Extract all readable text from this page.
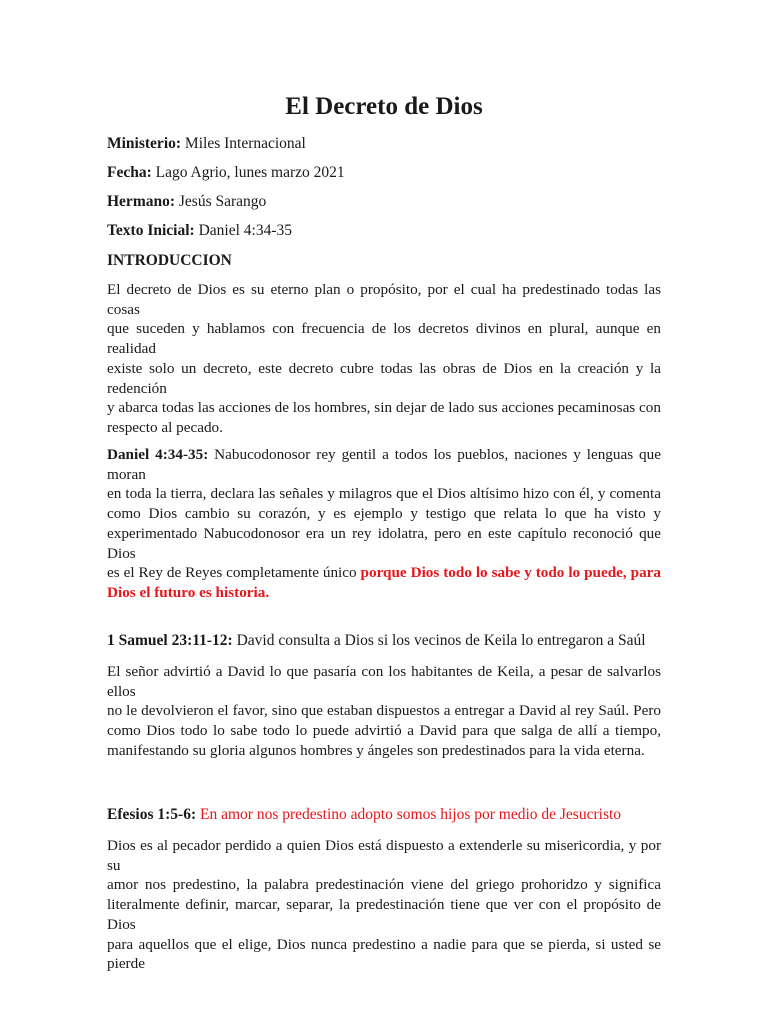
El Decreto de Dios

Ministerio: Miles Internacional

Fecha: Lago Agrio, lunes marzo 2021

Hermano: Jesús Sarango

Texto Inicial: Daniel 4:34-35

INTRODUCCION

El decreto de Dios es su eterno plan o propósito, por el cual ha predestinado todas las cosas
que suceden y hablamos con frecuencia de los decretos divinos en plural, aunque en realidad
existe solo un decreto, este decreto cubre todas las obras de Dios en la creación y la redención
y abarca todas las acciones de los hombres, sin dejar de lado sus acciones pecaminosas con
respecto al pecado.
Daniel 4:34-35: Nabucodonosor rey gentil a todos los pueblos, naciones y lenguas que moran
en toda la tierra, declara las señales y milagros que el Dios altísimo hizo con él, y comenta
como Dios cambio su corazón, y es ejemplo y testigo que relata lo que ha visto y
experimentado Nabucodonosor era un rey idolatra, pero en este capítulo reconoció que Dios
es el Rey de Reyes completamente único porque Dios todo lo sabe y todo lo puede, para
Dios el futuro es historia.

1 Samuel 23:11-12: David consulta a Dios si los vecinos de Keila lo entregaron a Saúl

El señor advirtió a David lo que pasaría con los habitantes de Keila, a pesar de salvarlos ellos
no le devolvieron el favor, sino que estaban dispuestos a entregar a David al rey Saúl. Pero
como Dios todo lo sabe todo lo puede advirtió a David para que salga de allí a tiempo,
manifestando su gloria algunos hombres y ángeles son predestinados para la vida eterna.

Efesios 1:5-6: En amor nos predestino adopto somos hijos por medio de Jesucristo

Dios es al pecador perdido a quien Dios está dispuesto a extenderle su misericordia, y por su
amor nos predestino, la palabra predestinación viene del griego prohoridzo y significa
literalmente definir, marcar, separar, la predestinación tiene que ver con el propósito de Dios
para aquellos que el elige, Dios nunca predestino a nadie para que se pierda, si usted se pierde
